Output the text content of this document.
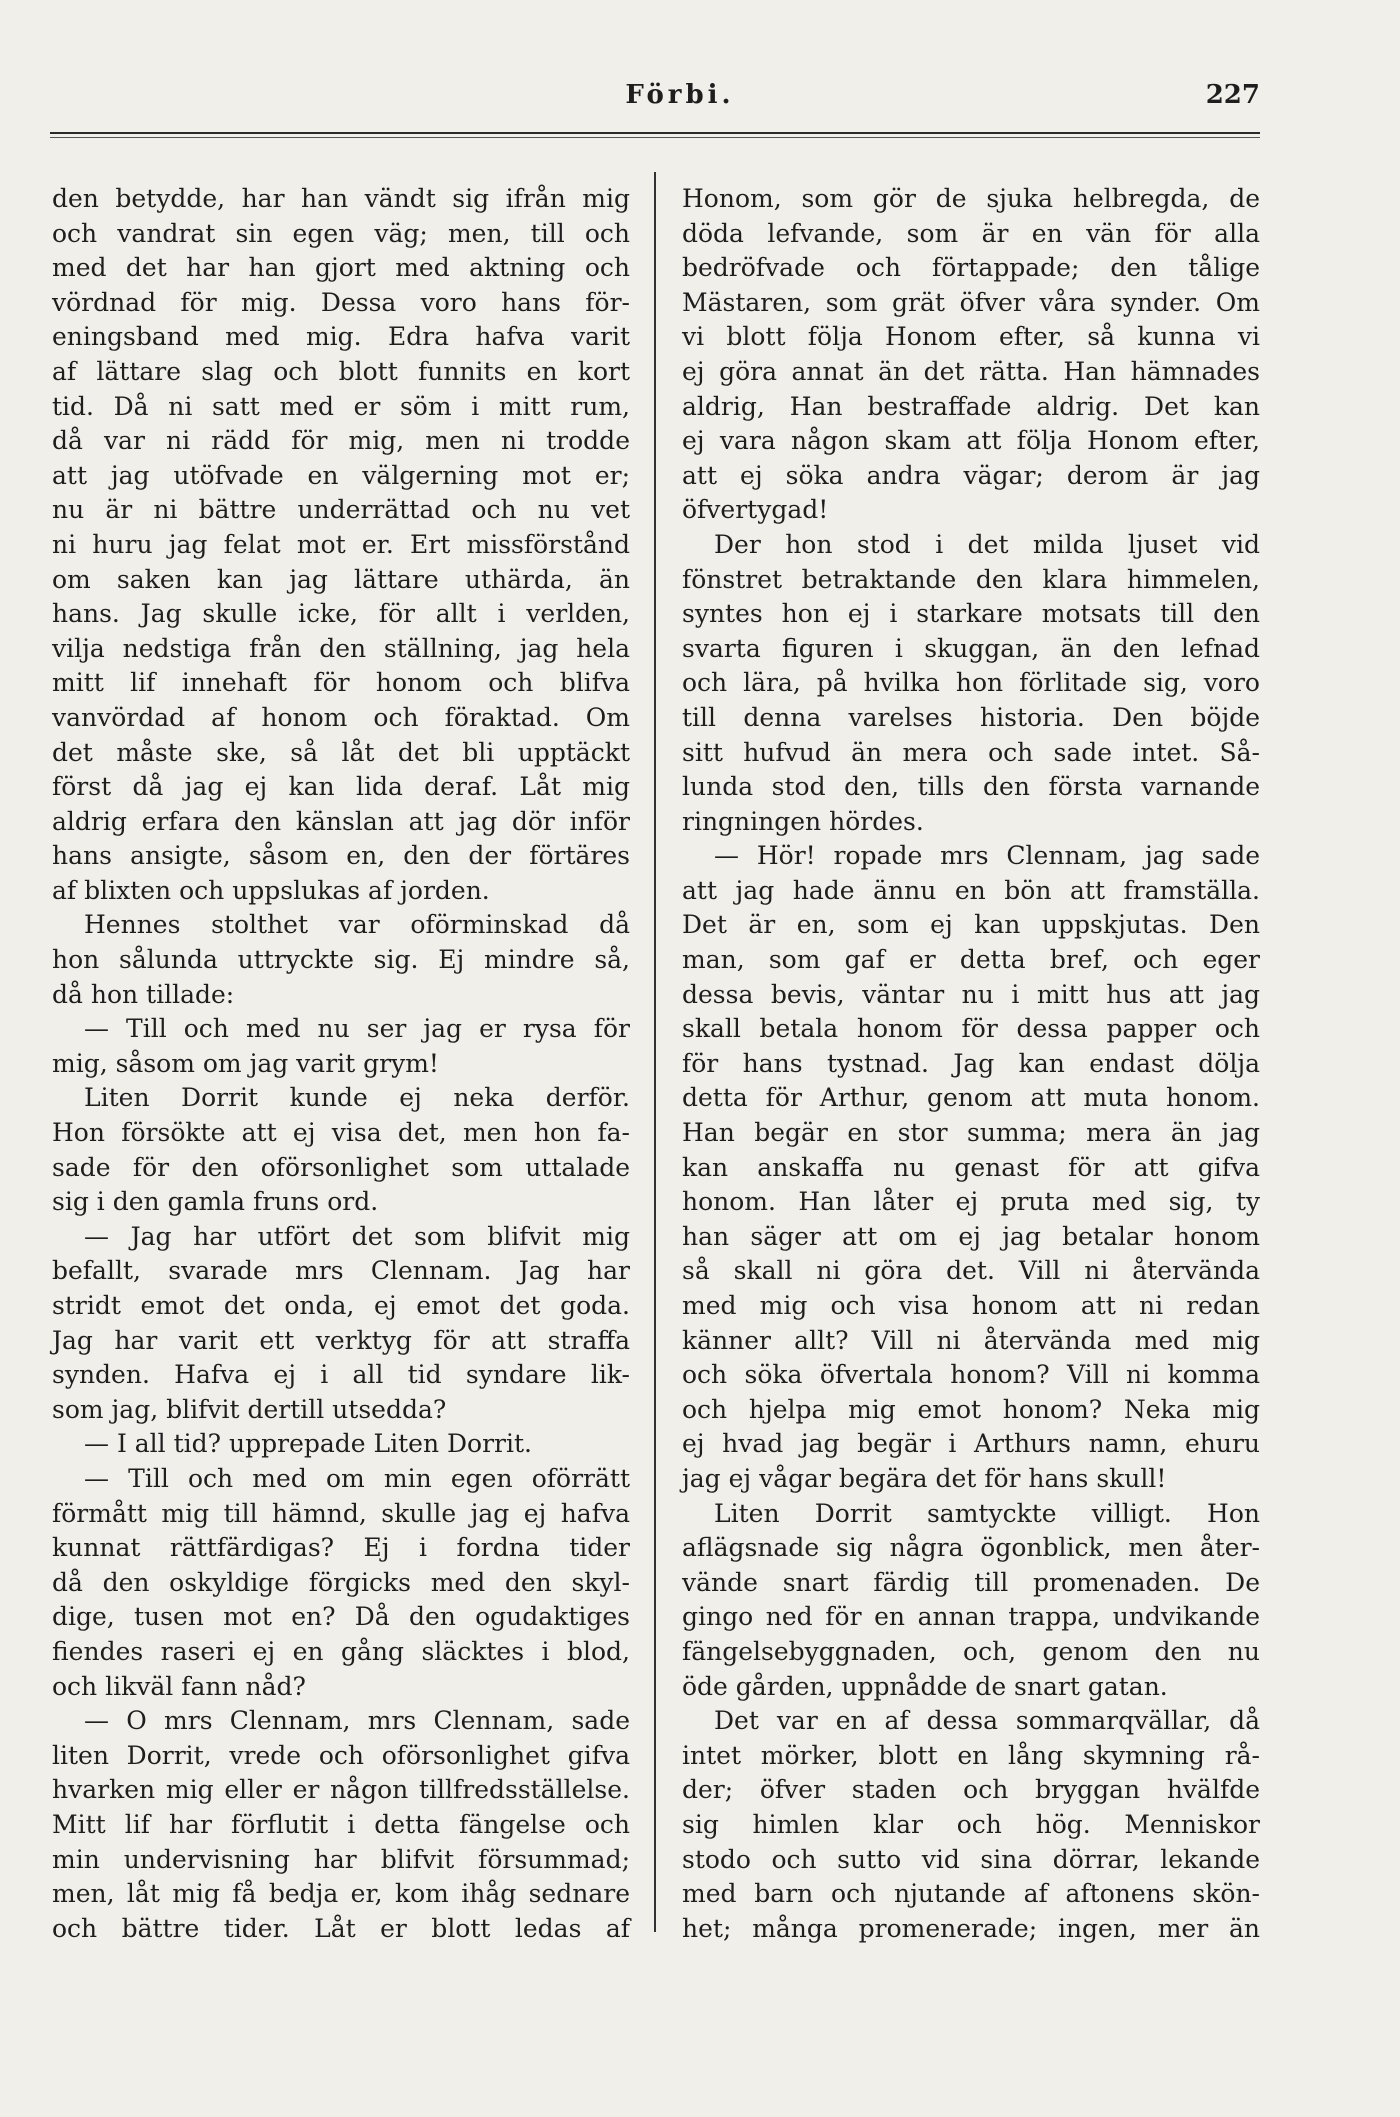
Förbi.	227
den betydde, har han vändt sig ifrån mig
och vandrat sin egen väg; men, till och
med det har han gjort med aktning och
vördnad för mig. Dessa voro hans för-
eningsband med mig. Edra hafva varit
af lättare slag och blott funnits en kort
tid. Då ni satt med er söm i mitt rum,
då var ni rädd för mig, men ni trodde
att jag utöfvade en välgerning mot er;
nu är ni bättre underrättad och nu vet
ni huru jag felat mot er. Ert missförstånd
om saken kan jag lättare uthärda, än
hans. Jag skulle icke, för allt i verlden,
vilja nedstiga från den ställning, jag hela
mitt lif innehaft för honom och blifva
vanvördad af honom och föraktad. Om
det måste ske, så låt det bli upptäckt
först då jag ej kan lida deraf. Låt mig
aldrig erfara den känslan att jag dör inför
hans ansigte, såsom en, den der förtäres
af blixten och uppslukas af jorden.
Hennes stolthet var oförminskad då
hon sålunda uttryckte sig. Ej mindre så,
då hon tillade:
— Till och med nu ser jag er rysa för
mig, såsom om jag varit grym!
Liten Dorrit kunde ej neka derför.
Hon försökte att ej visa det, men hon fa-
sade för den oförsonlighet som uttalade
sig i den gamla fruns ord.
— Jag har utfört det som blifvit mig
befallt, svarade mrs Clennam. Jag har
stridt emot det onda, ej emot det goda.
Jag har varit ett verktyg för att straffa
synden. Hafva ej i all tid syndare lik-
som jag, blifvit dertill utsedda?
— I all tid? upprepade Liten Dorrit.
— Till och med om min egen oförrätt
förmått mig till hämnd, skulle jag ej hafva
kunnat rättfärdigas? Ej i fordna tider
då den oskyldige förgicks med den skyl-
dige, tusen mot en? Då den ogudaktiges
fiendes raseri ej en gång släcktes i blod,
och likväl fann nåd?
— O mrs Clennam, mrs Clennam, sade
liten Dorrit, vrede och oförsonlighet gifva
hvarken mig eller er någon tillfredsställelse.
Mitt lif har förflutit i detta fängelse och
min undervisning har blifvit försummad;
men, låt mig få bedja er, kom ihåg sednare
och bättre tider. Låt er blott ledas af
Honom, som gör de sjuka helbregda, de
döda lefvande, som är en vän för alla
bedröfvade och förtappade; den tålige
Mästaren, som grät öfver våra synder. Om
vi blott följa Honom efter, så kunna vi
ej göra annat än det rätta. Han hämnades
aldrig, Han bestraffade aldrig. Det kan
ej vara någon skam att följa Honom efter,
att ej söka andra vägar; derom är jag
öfvertygad!
Der hon stod i det milda ljuset vid
fönstret betraktande den klara himmelen,
syntes hon ej i starkare motsats till den
svarta figuren i skuggan, än den lefnad
och lära, på hvilka hon förlitade sig, voro
till denna varelses historia. Den böjde
sitt hufvud än mera och sade intet. Så-
lunda stod den, tills den första varnande
ringningen hördes.
— Hör! ropade mrs Clennam, jag sade
att jag hade ännu en bön att framställa.
Det är en, som ej kan uppskjutas. Den
man, som gaf er detta bref, och eger
dessa bevis, väntar nu i mitt hus att jag
skall betala honom för dessa papper och
för hans tystnad. Jag kan endast dölja
detta för Arthur, genom att muta honom.
Han begär en stor summa; mera än jag
kan anskaffa nu genast för att gifva
honom. Han låter ej pruta med sig, ty
han säger att om ej jag betalar honom
så skall ni göra det. Vill ni återvända
med mig och visa honom att ni redan
känner allt? Vill ni återvända med mig
och söka öfvertala honom? Vill ni komma
och hjelpa mig emot honom? Neka mig
ej hvad jag begär i Arthurs namn, ehuru
jag ej vågar begära det för hans skull!
Liten Dorrit samtyckte villigt. Hon
aflägsnade sig några ögonblick, men åter-
vände snart färdig till promenaden. De
gingo ned för en annan trappa, undvikande
fängelsebyggnaden, och, genom den nu
öde gården, uppnådde de snart gatan.
Det var en af dessa sommarqvällar, då
intet mörker, blott en lång skymning rå-
der; öfver staden och bryggan hvälfde
sig himlen klar och hög. Menniskor
stodo och sutto vid sina dörrar, lekande
med barn och njutande af aftonens skön-
het; många promenerade; ingen, mer än
